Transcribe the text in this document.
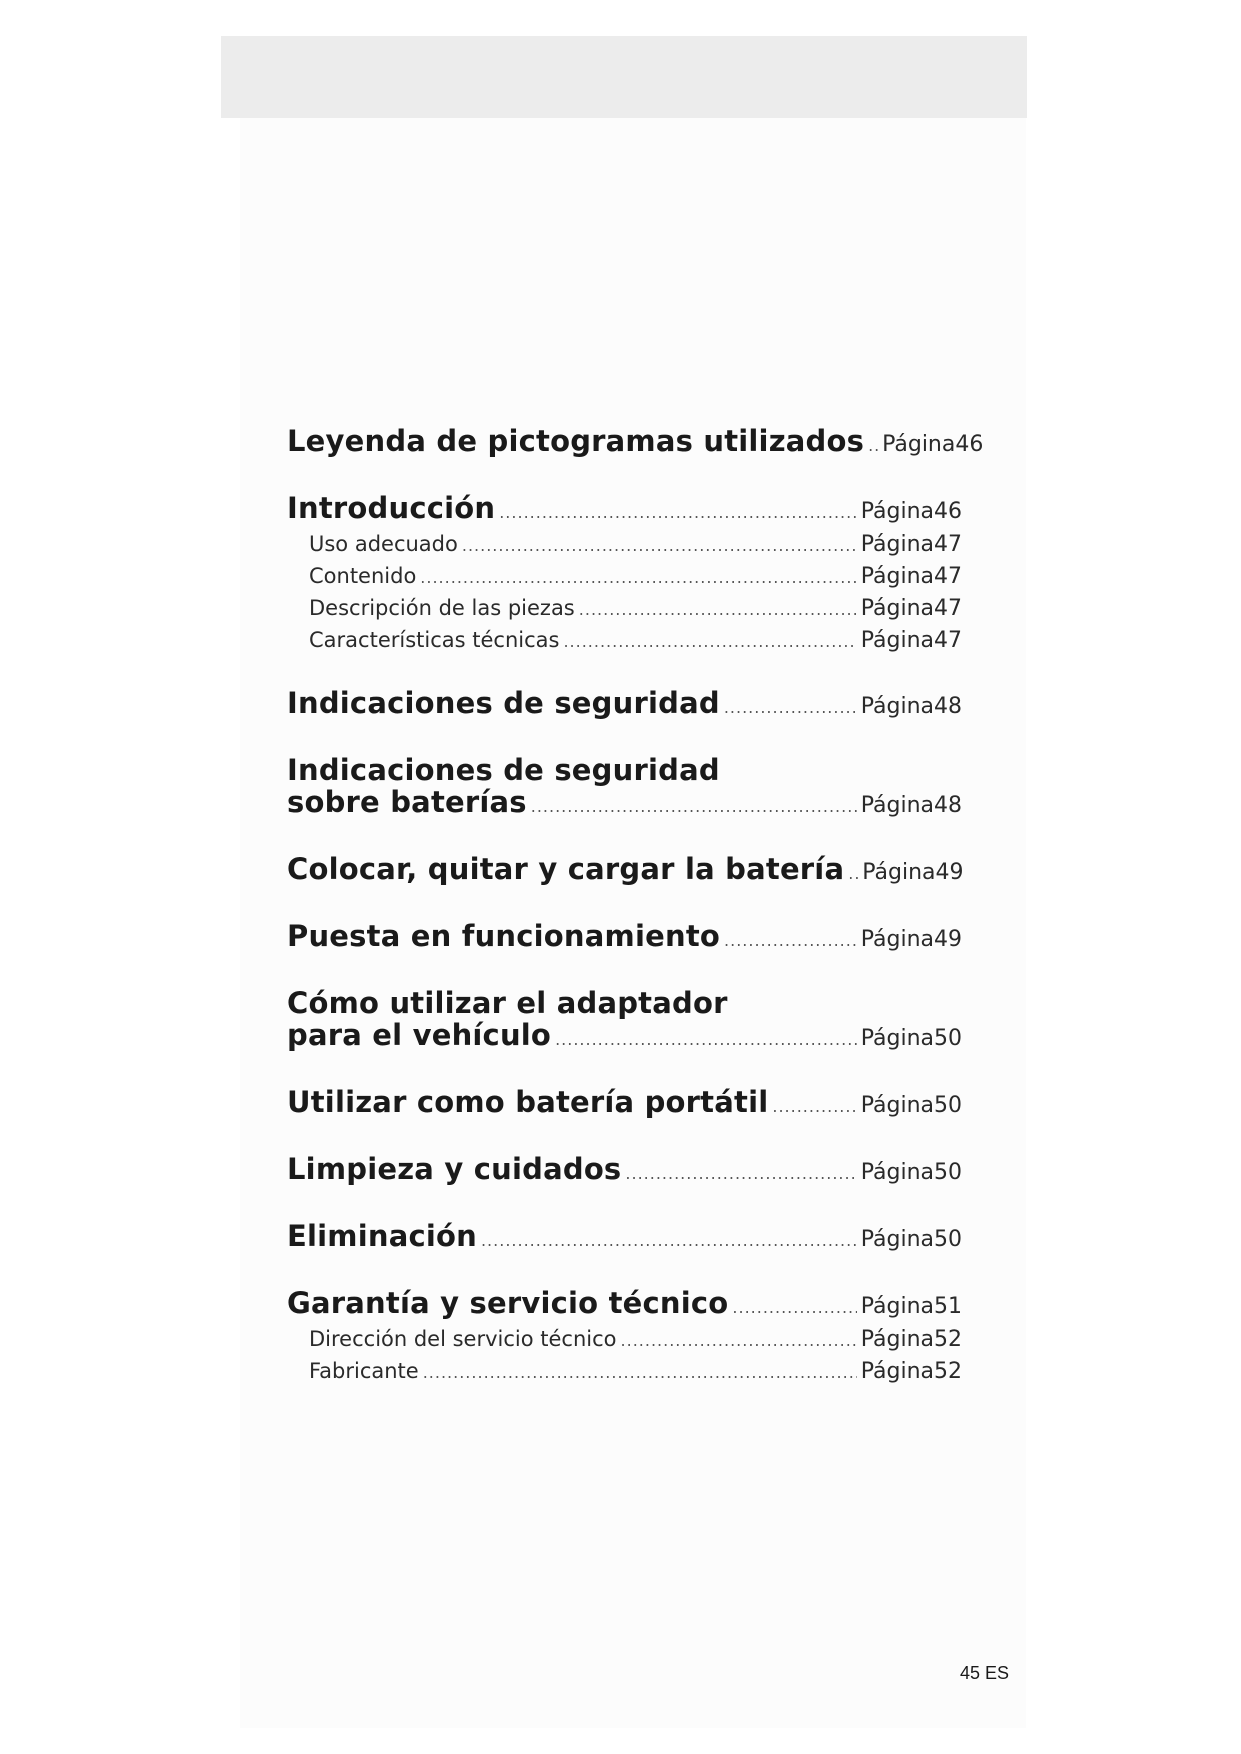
Leyenda de pictogramas utilizados ..... Página 46
Introducción .....	Página 46
Uso adecuado .....	Página 47
Contenido .....	Página 47
Descripción de las piezas .....	Página 47
Características técnicas .....	Página 47
Indicaciones de seguridad .....	Página 48
Indicaciones de seguridad
sobre baterías .....	Página 48
Colocar, quitar y cargar la batería ..... Página 49
Puesta en funcionamiento .....	Página 49
Cómo utilizar el adaptador
para el vehículo .....	Página 50
Utilizar como batería portátil .....	Página 50
Limpieza y cuidados .....	Página 50
Eliminación .....	Página 50
Garantía y servicio técnico .....	Página 51
Dirección del servicio técnico .....	Página 52
Fabricante .....	Página 52
45 ES
